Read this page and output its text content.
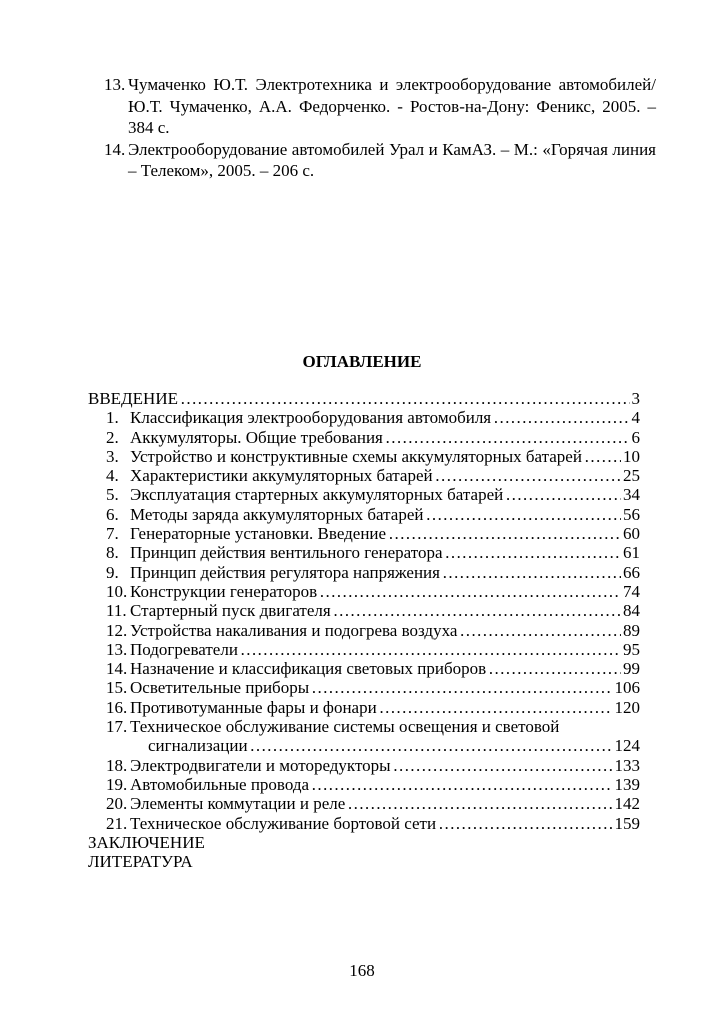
13. Чумаченко Ю.Т. Электротехника и электрооборудование автомобилей/ Ю.Т. Чумаченко, А.А. Федорченко. - Ростов-на-Дону: Феникс, 2005. – 384 с.
14. Электрооборудование автомобилей Урал и КамАЗ. – М.: «Горячая линия – Телеком», 2005. – 206 с.
ОГЛАВЛЕНИЕ
ВВЕДЕНИЕ …………………………………………………………………………………………………………………………	3
1. Классификация электрооборудования автомобиля …………………………………………………………………………………………………………………………	4
2. Аккумуляторы. Общие требования …………………………………………………………………………………………………………………………	6
3. Устройство и конструктивные схемы аккумуляторных батарей ………………………………………………………………………………………………………………………… 10
4. Характеристики аккумуляторных батарей …………………………………………………………………………………………………………………………	25
5. Эксплуатация стартерных аккумуляторных батарей …………………………………………………………………………………………………………………………	34
6. Методы заряда аккумуляторных батарей …………………………………………………………………………………………………………………………	56
7. Генераторные установки. Введение …………………………………………………………………………………………………………………………	60
8. Принцип действия вентильного генератора …………………………………………………………………………………………………………………………	61
9. Принцип действия регулятора напряжения …………………………………………………………………………………………………………………………	66
10. Конструкции генераторов …………………………………………………………………………………………………………………………	74
11. Стартерный пуск двигателя …………………………………………………………………………………………………………………………	84
12. Устройства накаливания и подогрева воздуха …………………………………………………………………………………………………………………………	89
13. Подогреватели …………………………………………………………………………………………………………………………	95
14. Назначение и классификация световых приборов …………………………………………………………………………………………………………………………	99
15. Осветительные приборы …………………………………………………………………………………………………………………………	106
16. Противотуманные фары и фонари …………………………………………………………………………………………………………………………	120
17. Техническое обслуживание системы освещения и световой
сигнализации …………………………………………………………………………………………………………………………	124
18. Электродвигатели и моторедукторы …………………………………………………………………………………………………………………………	133
19. Автомобильные провода …………………………………………………………………………………………………………………………	139
20. Элементы коммутации и реле …………………………………………………………………………………………………………………………	142
21. Техническое обслуживание бортовой сети …………………………………………………………………………………………………………………………	159
ЗАКЛЮЧЕНИЕ
ЛИТЕРАТУРА
168
